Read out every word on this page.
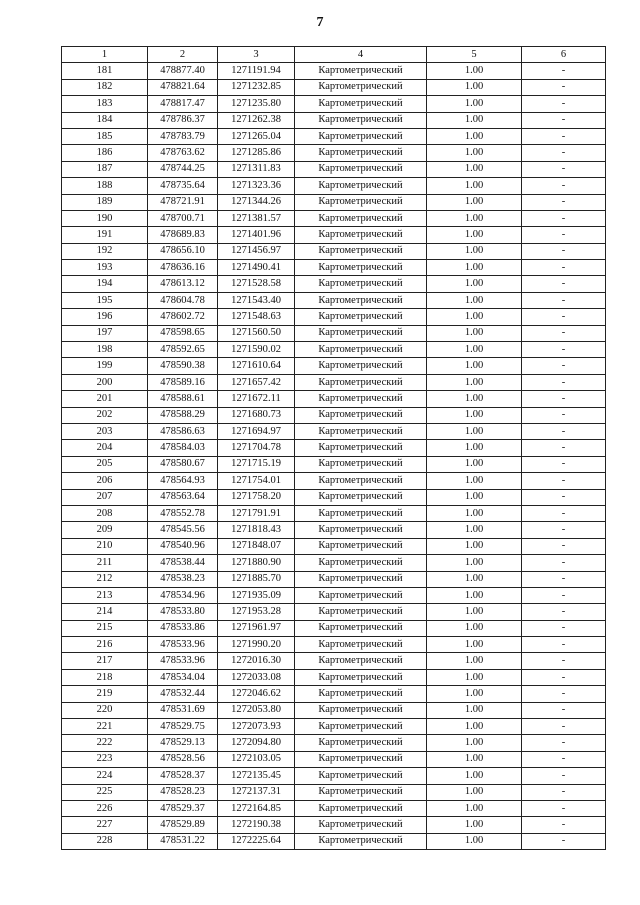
7
1	2	3	4	5	6
181	478877.40	1271191.94	Картометрический	1.00	-
182	478821.64	1271232.85	Картометрический	1.00	-
183	478817.47	1271235.80	Картометрический	1.00	-
184	478786.37	1271262.38	Картометрический	1.00	-
185	478783.79	1271265.04	Картометрический	1.00	-
186	478763.62	1271285.86	Картометрический	1.00	-
187	478744.25	1271311.83	Картометрический	1.00	-
188	478735.64	1271323.36	Картометрический	1.00	-
189	478721.91	1271344.26	Картометрический	1.00	-
190	478700.71	1271381.57	Картометрический	1.00	-
191	478689.83	1271401.96	Картометрический	1.00	-
192	478656.10	1271456.97	Картометрический	1.00	-
193	478636.16	1271490.41	Картометрический	1.00	-
194	478613.12	1271528.58	Картометрический	1.00	-
195	478604.78	1271543.40	Картометрический	1.00	-
196	478602.72	1271548.63	Картометрический	1.00	-
197	478598.65	1271560.50	Картометрический	1.00	-
198	478592.65	1271590.02	Картометрический	1.00	-
199	478590.38	1271610.64	Картометрический	1.00	-
200	478589.16	1271657.42	Картометрический	1.00	-
201	478588.61	1271672.11	Картометрический	1.00	-
202	478588.29	1271680.73	Картометрический	1.00	-
203	478586.63	1271694.97	Картометрический	1.00	-
204	478584.03	1271704.78	Картометрический	1.00	-
205	478580.67	1271715.19	Картометрический	1.00	-
206	478564.93	1271754.01	Картометрический	1.00	-
207	478563.64	1271758.20	Картометрический	1.00	-
208	478552.78	1271791.91	Картометрический	1.00	-
209	478545.56	1271818.43	Картометрический	1.00	-
210	478540.96	1271848.07	Картометрический	1.00	-
211	478538.44	1271880.90	Картометрический	1.00	-
212	478538.23	1271885.70	Картометрический	1.00	-
213	478534.96	1271935.09	Картометрический	1.00	-
214	478533.80	1271953.28	Картометрический	1.00	-
215	478533.86	1271961.97	Картометрический	1.00	-
216	478533.96	1271990.20	Картометрический	1.00	-
217	478533.96	1272016.30	Картометрический	1.00	-
218	478534.04	1272033.08	Картометрический	1.00	-
219	478532.44	1272046.62	Картометрический	1.00	-
220	478531.69	1272053.80	Картометрический	1.00	-
221	478529.75	1272073.93	Картометрический	1.00	-
222	478529.13	1272094.80	Картометрический	1.00	-
223	478528.56	1272103.05	Картометрический	1.00	-
224	478528.37	1272135.45	Картометрический	1.00	-
225	478528.23	1272137.31	Картометрический	1.00	-
226	478529.37	1272164.85	Картометрический	1.00	-
227	478529.89	1272190.38	Картометрический	1.00	-
228	478531.22	1272225.64	Картометрический	1.00	-
